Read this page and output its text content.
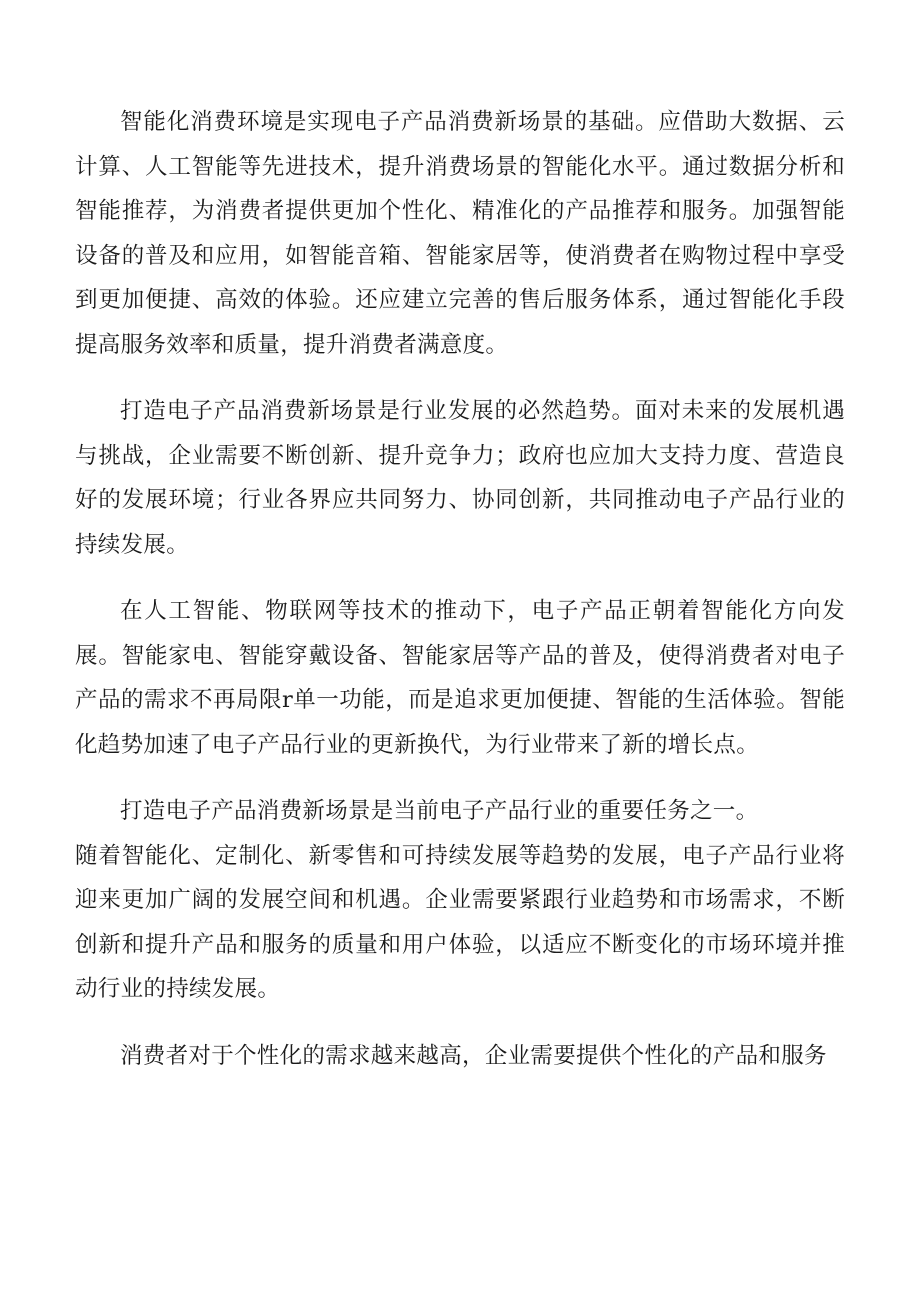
智能化消费环境是实现电子产品消费新场景的基础。应借助大数据、云计算、人工智能等先进技术，提升消费场景的智能化水平。通过数据分析和智能推荐，为消费者提供更加个性化、精准化的产品推荐和服务。加强智能设备的普及和应用，如智能音箱、智能家居等，使消费者在购物过程中享受到更加便捷、高效的体验。还应建立完善的售后服务体系，通过智能化手段提高服务效率和质量，提升消费者满意度。

打造电子产品消费新场景是行业发展的必然趋势。面对未来的发展机遇与挑战，企业需要不断创新、提升竞争力；政府也应加大支持力度、营造良好的发展环境；行业各界应共同努力、协同创新，共同推动电子产品行业的持续发展。

在人工智能、物联网等技术的推动下，电子产品正朝着智能化方向发展。智能家电、智能穿戴设备、智能家居等产品的普及，使得消费者对电子产品的需求不再局限r单一功能，而是追求更加便捷、智能的生活体验。智能化趋势加速了电子产品行业的更新换代，为行业带来了新的增长点。

打造电子产品消费新场景是当前电子产品行业的重要任务之一。

随着智能化、定制化、新零售和可持续发展等趋势的发展，电子产品行业将迎来更加广阔的发展空间和机遇。企业需要紧跟行业趋势和市场需求，不断创新和提升产品和服务的质量和用户体验，以适应不断变化的市场环境并推动行业的持续发展。

消费者对于个性化的需求越来越高，企业需要提供个性化的产品和服务
